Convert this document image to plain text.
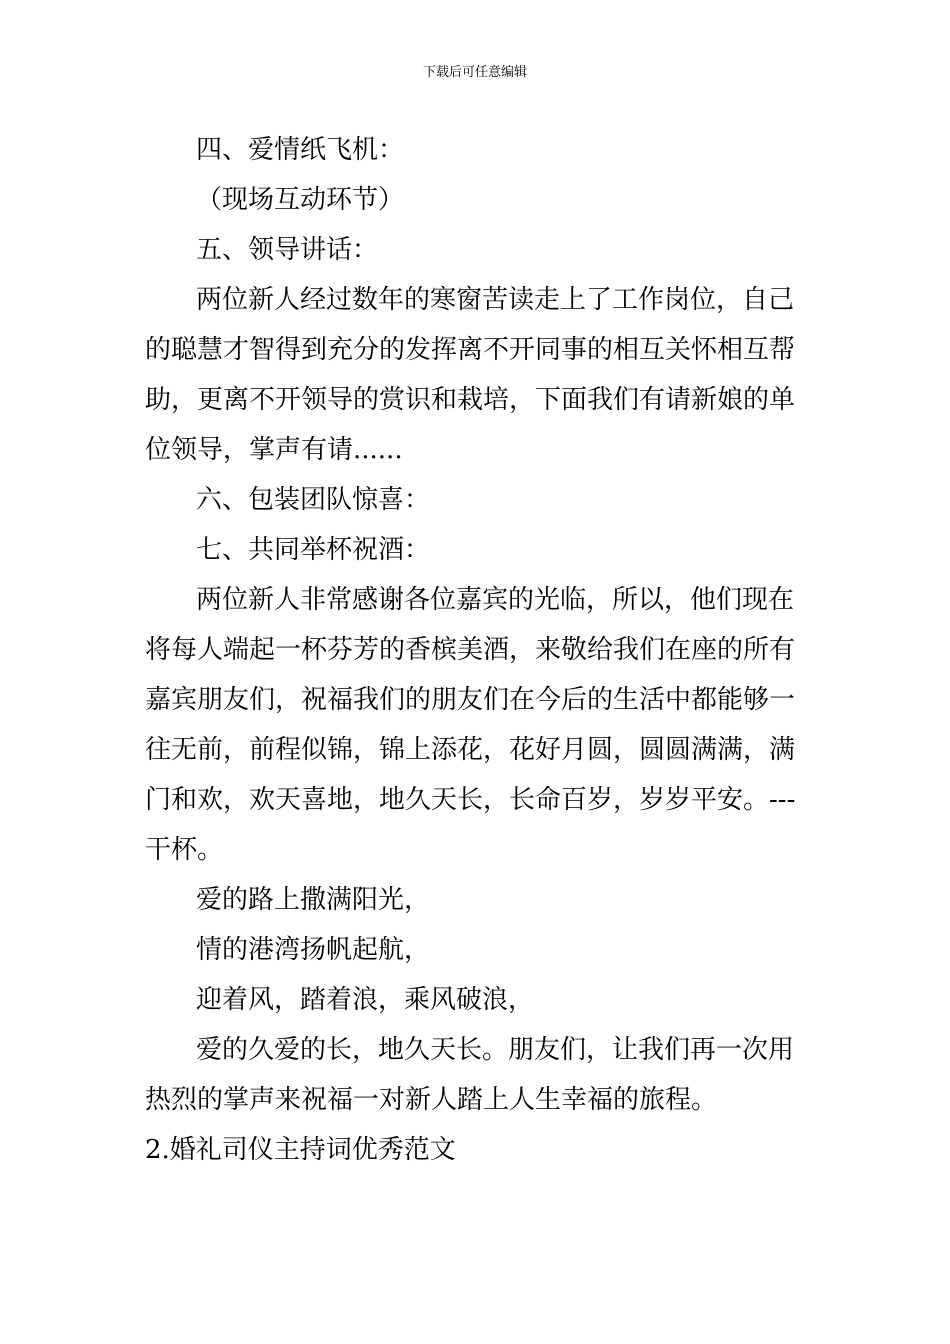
下载后可任意编辑
四、爱情纸飞机：
（现场互动环节）
五、领导讲话：
两位新人经过数年的寒窗苦读走上了工作岗位，自己
的聪慧才智得到充分的发挥离不开同事的相互关怀相互帮
助，更离不开领导的赏识和栽培，下面我们有请新娘的单
位领导，掌声有请......
六、包装团队惊喜：
七、共同举杯祝酒：
两位新人非常感谢各位嘉宾的光临，所以，他们现在
将每人端起一杯芬芳的香槟美酒，来敬给我们在座的所有
嘉宾朋友们，祝福我们的朋友们在今后的生活中都能够一
往无前，前程似锦，锦上添花，花好月圆，圆圆满满，满
门和欢，欢天喜地，地久天长，长命百岁，岁岁平安。---
干杯。
爱的路上撒满阳光，
情的港湾扬帆起航，
迎着风，踏着浪，乘风破浪，
爱的久爱的长，地久天长。朋友们，让我们再一次用
热烈的掌声来祝福一对新人踏上人生幸福的旅程。
2.婚礼司仪主持词优秀范文
